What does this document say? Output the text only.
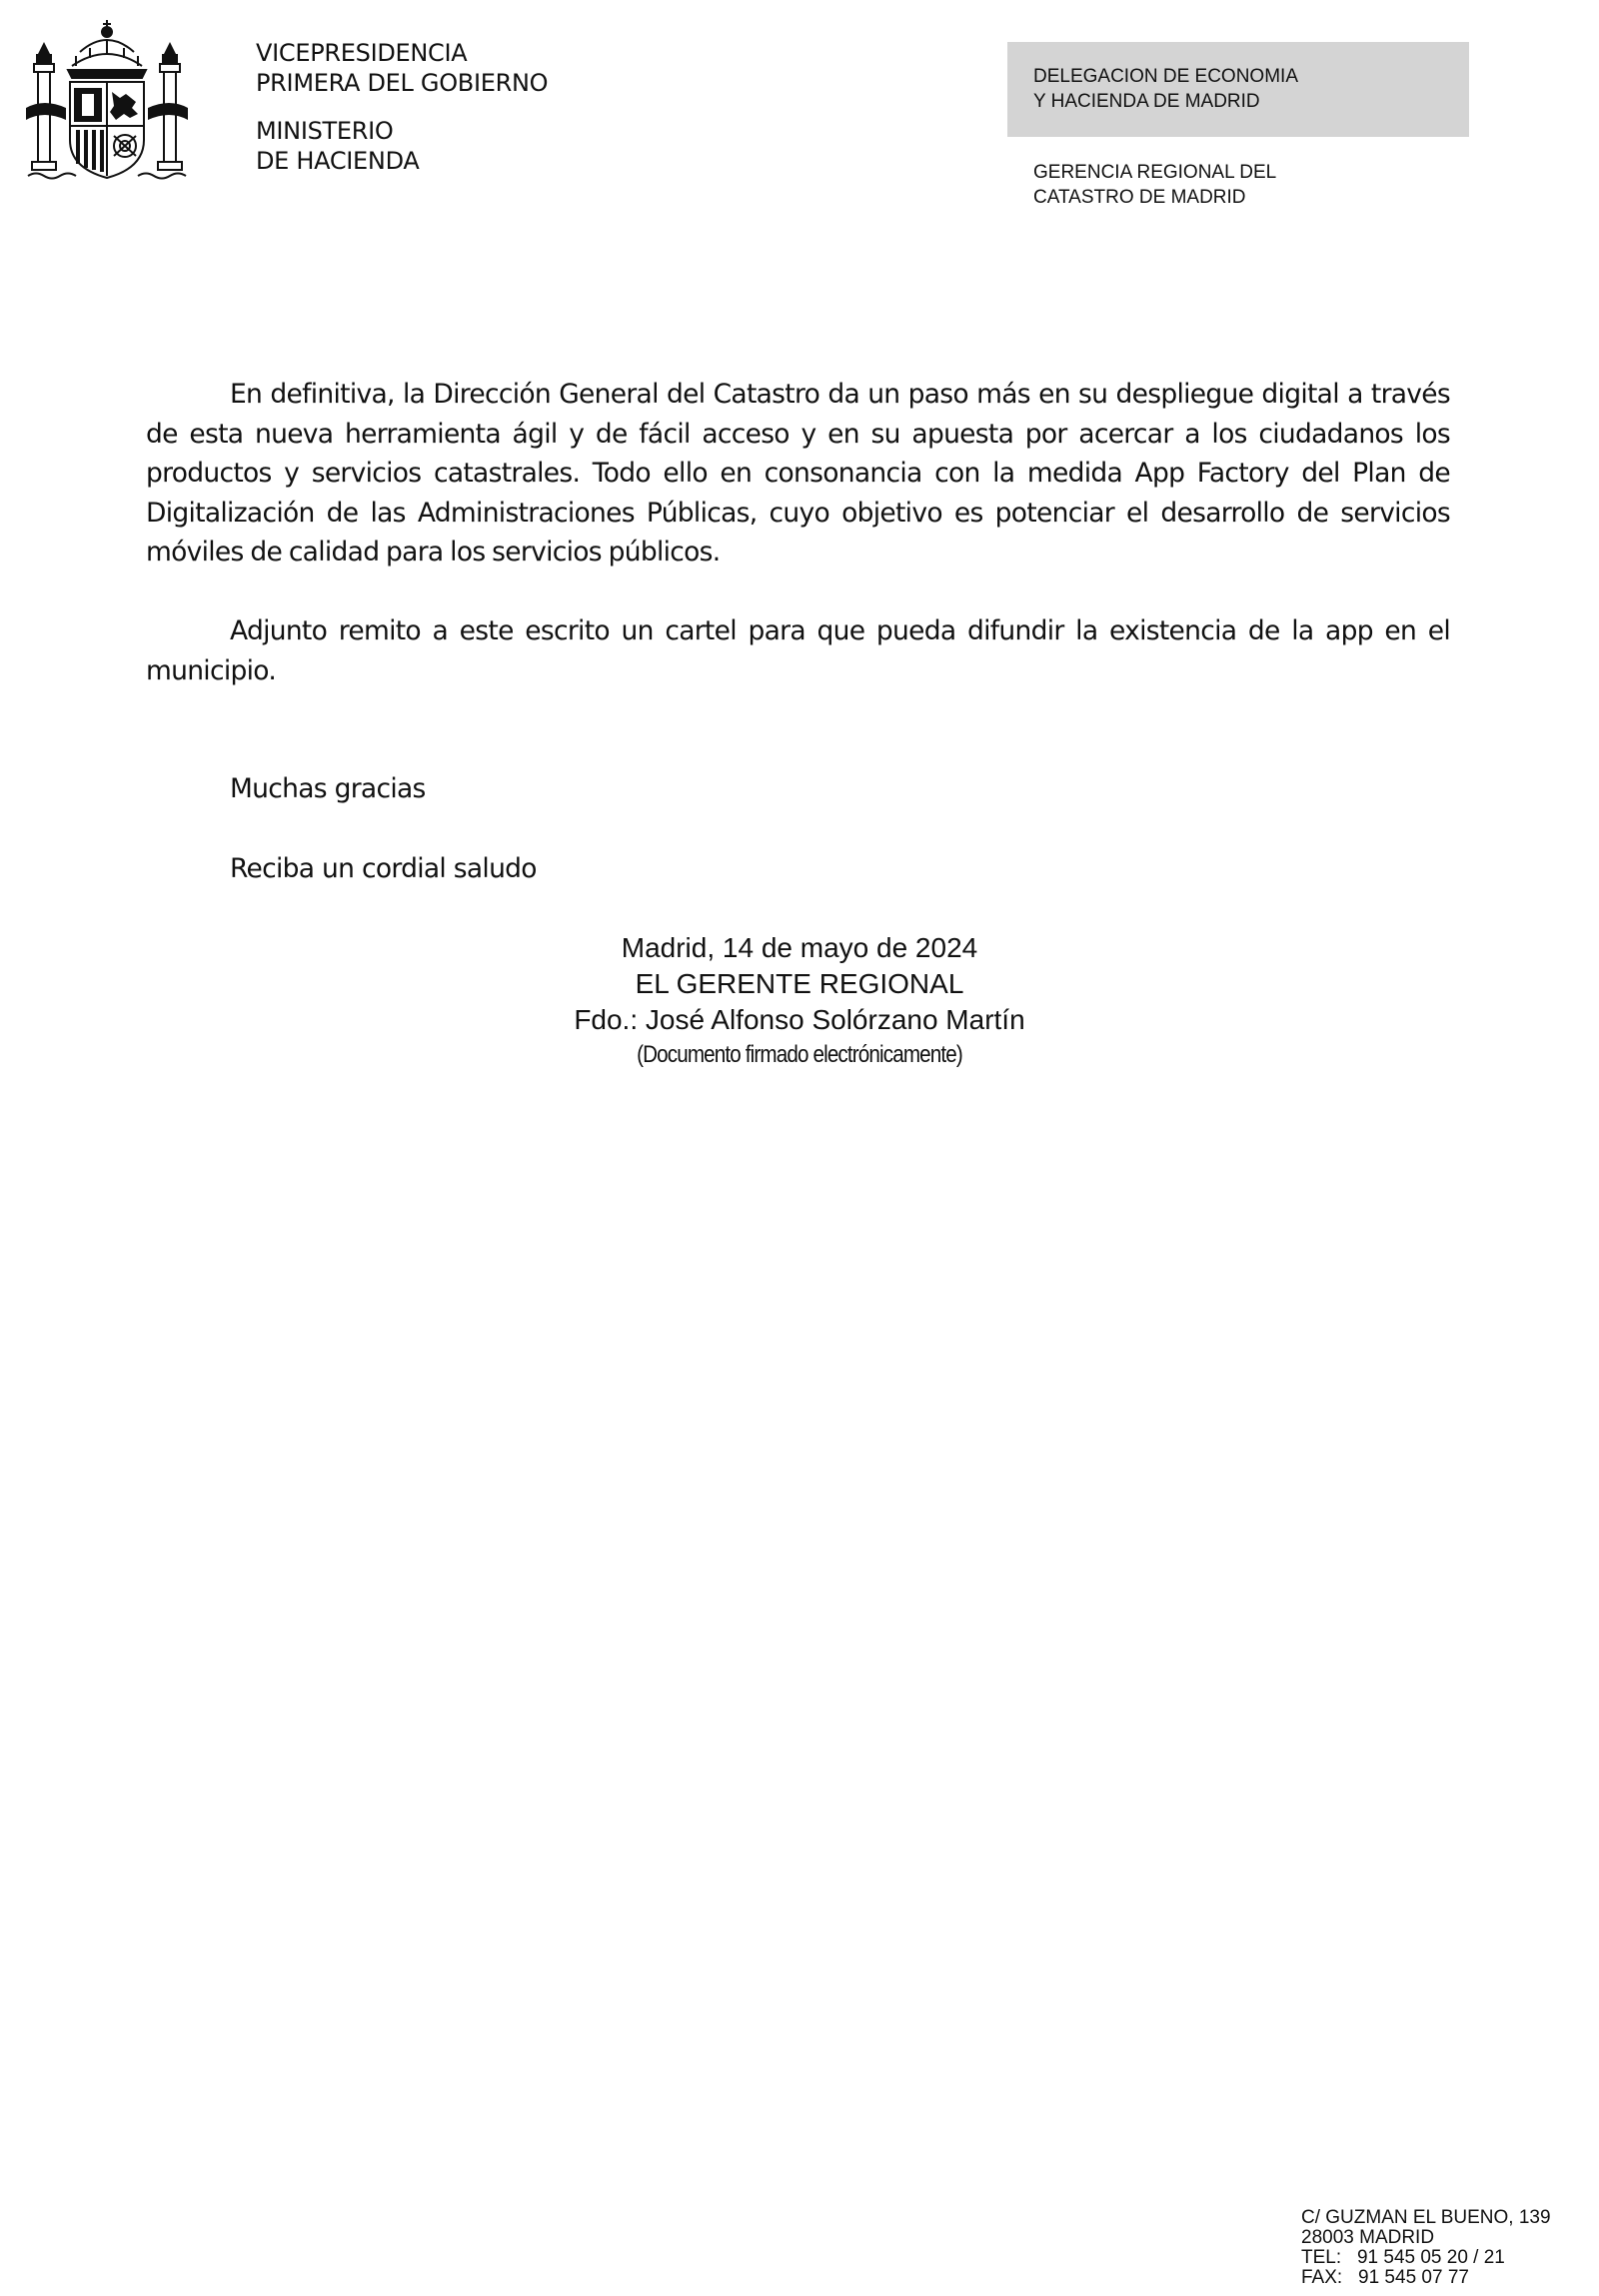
VICEPRESIDENCIA
PRIMERA DEL GOBIERNO
MINISTERIO
DE HACIENDA
DELEGACION DE ECONOMIA
Y HACIENDA DE MADRID
GERENCIA REGIONAL DEL
CATASTRO DE MADRID

En definitiva, la Dirección General del Catastro da un paso más en su despliegue digital a través de esta nueva herramienta ágil y de fácil acceso y en su apuesta por acercar a los ciudadanos los productos y servicios catastrales. Todo ello en consonancia con la medida App Factory del Plan de Digitalización de las Administraciones Públicas, cuyo objetivo es potenciar el desarrollo de servicios móviles de calidad para los servicios públicos.

Adjunto remito a este escrito un cartel para que pueda difundir la existencia de la app en el municipio.

Muchas gracias
Reciba un cordial saludo
Madrid, 14 de mayo de 2024
EL GERENTE REGIONAL
Fdo.: José Alfonso Solórzano Martín
(Documento firmado electrónicamente)
C/ GUZMAN EL BUENO, 139
28003 MADRID
TEL:   91 545 05 20 / 21
FAX:   91 545 07 77
